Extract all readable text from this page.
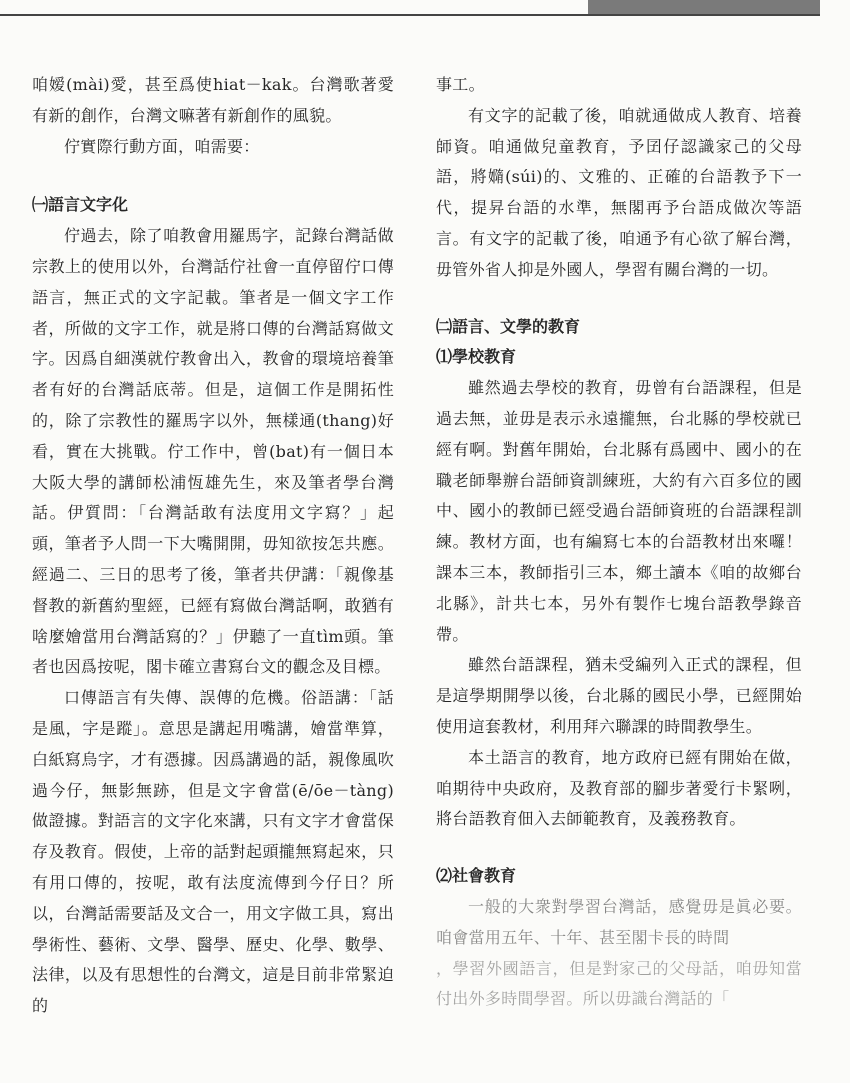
咱嫒(mài)愛，甚至爲使hiat－kak。台灣歌著愛有新的創作，台灣文嘛著有新創作的風貌。

佇實際行動方面，咱需要：

㈠語言文字化

佇過去，除了咱教會用羅馬字，記錄台灣話做宗教上的使用以外，台灣話佇社會一直停留佇口傳語言，無正式的文字記載。筆者是一個文字工作者，所做的文字工作，就是將口傳的台灣話寫做文字。因爲自細漢就佇教會出入，教會的環境培養筆者有好的台灣話底蒂。但是，這個工作是開拓性的，除了宗教性的羅馬字以外，無樣通(thang)好看，實在大挑戰。佇工作中，曾(bat)有一個日本大阪大學的講師松浦恆雄先生，來及筆者學台灣話。伊質問：「台灣話敢有法度用文字寫？」起頭，筆者予人問一下大嘴開開，毋知欲按怎共應。經過二、三日的思考了後，筆者共伊講：「親像基督教的新舊約聖經，已經有寫做台灣話啊，敢猶有啥麼嬒當用台灣話寫的？」伊聽了一直tìm頭。筆者也因爲按呢，閣卡確立書寫台文的觀念及目標。

口傳語言有失傳、誤傳的危機。俗語講：「話是風，字是蹤」。意思是講起用嘴講，嬒當準算，白紙寫烏字，才有憑據。因爲講過的話，親像風吹過今仔，無影無跡，但是文字會當(ē/ōe－tàng)做證據。對語言的文字化來講，只有文字才會當保存及教育。假使，上帝的話對起頭攏無寫起來，只有用口傳的，按呢，敢有法度流傳到今仔日？所以，台灣話需要話及文合一，用文字做工具，寫出學術性、藝術、文學、醫學、歷史、化學、數學、法律，以及有思想性的台灣文，這是目前非常緊迫的

事工。

有文字的記載了後，咱就通做成人教育、培養師資。咱通做兒童教育，予囝仔認識家己的父母語，將嫷(súi)的、文雅的、正確的台語教予下一代，提昇台語的水準，無閣再予台語成做次等語言。有文字的記載了後，咱通予有心欲了解台灣，毋管外省人抑是外國人，學習有關台灣的一切。

㈡語言、文學的教育

⑴學校教育

雖然過去學校的教育，毋曾有台語課程，但是過去無，並毋是表示永遠攏無，台北縣的學校就已經有啊。對舊年開始，台北縣有爲國中、國小的在職老師舉辦台語師資訓練班，大約有六百多位的國中、國小的教師已經受過台語師資班的台語課程訓練。教材方面，也有編寫七本的台語教材出來囉！課本三本，教師指引三本，鄉土讀本《咱的故鄉台北縣》，計共七本，另外有製作七塊台語教學錄音帶。

雖然台語課程，猶未受編列入正式的課程，但是這學期開學以後，台北縣的國民小學，已經開始使用這套教材，利用拜六聯課的時間教學生。

本土語言的教育，地方政府已經有開始在做，咱期待中央政府，及教育部的腳步著愛行卡緊咧，將台語教育佃入去師範教育，及義務教育。

⑵社會教育

一般的大衆對學習台灣話，感覺毋是眞必要。咱會當用五年、十年、甚至閣卡長的時間

，學習外國語言，但是對家己的父母話，咱毋知當付出外多時間學習。所以毋識台灣話的「
